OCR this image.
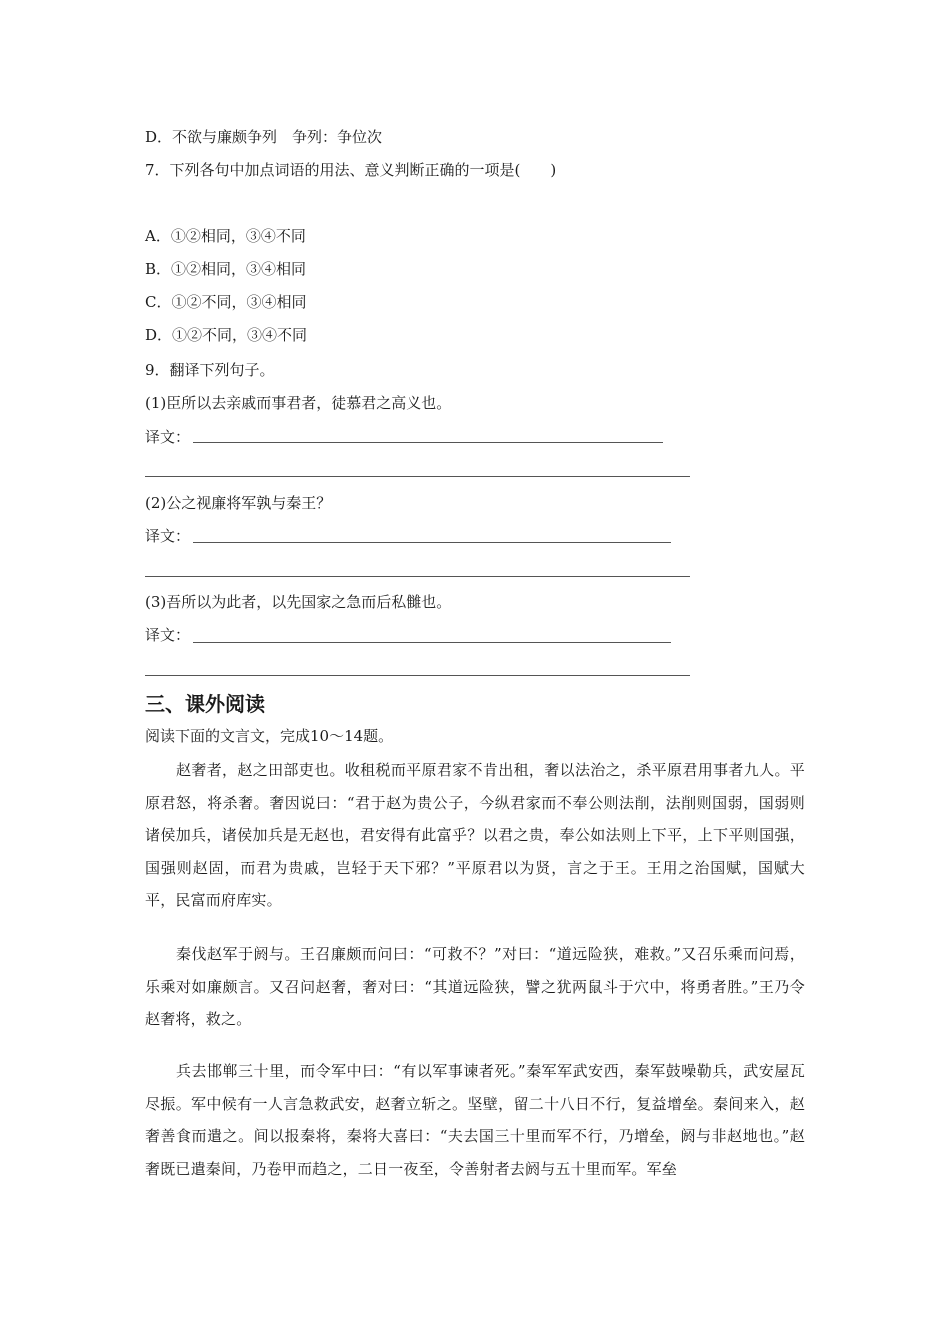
D．不欲与廉颇争列　争列：争位次
7．下列各句中加点词语的用法、意义判断正确的一项是(　　)
A．①②相同，③④不同
B．①②相同，③④相同
C．①②不同，③④相同
D．①②不同，③④不同
9．翻译下列句子。
(1)臣所以去亲戚而事君者，徒慕君之高义也。
译文：
(2)公之视廉将军孰与秦王？
译文：
(3)吾所以为此者，以先国家之急而后私雠也。
译文：
三、课外阅读
阅读下面的文言文，完成10～14题。
赵奢者，赵之田部吏也。收租税而平原君家不肯出租，奢以法治之，杀平原君用事者九人。平原君怒，将杀奢。奢因说曰：“君于赵为贵公子，今纵君家而不奉公则法削，法削则国弱，国弱则诸侯加兵，诸侯加兵是无赵也，君安得有此富乎？以君之贵，奉公如法则上下平，上下平则国强，国强则赵固，而君为贵戚，岂轻于天下邪？”平原君以为贤，言之于王。王用之治国赋，国赋大平，民富而府库实。
秦伐赵军于阏与。王召廉颇而问曰：“可救不？”对曰：“道远险狭，难救。”又召乐乘而问焉，乐乘对如廉颇言。又召问赵奢，奢对曰：“其道远险狭，譬之犹两鼠斗于穴中，将勇者胜。”王乃令赵奢将，救之。
兵去邯郸三十里，而令军中曰：“有以军事谏者死。”秦军军武安西，秦军鼓噪勒兵，武安屋瓦尽振。军中候有一人言急救武安，赵奢立斩之。坚壁，留二十八日不行，复益增垒。秦间来入，赵奢善食而遣之。间以报秦将，秦将大喜曰：“夫去国三十里而军不行，乃增垒，阏与非赵地也。”赵奢既已遣秦间，乃卷甲而趋之，二日一夜至，令善射者去阏与五十里而军。军垒
